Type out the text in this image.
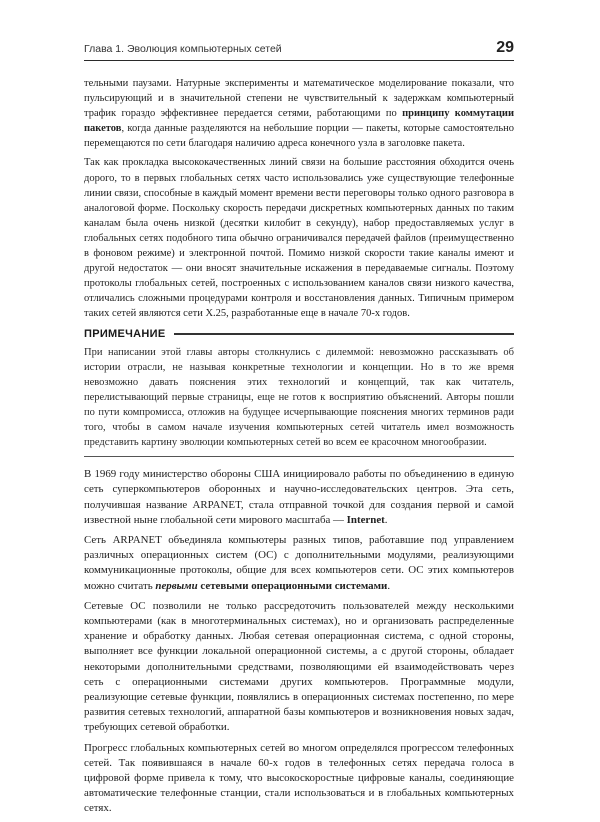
Глава 1. Эволюция компьютерных сетей	29

тельными паузами. Натурные эксперименты и математическое моделирование показали, что пульсирующий и в значительной степени не чувствительный к задержкам компьютерный трафик гораздо эффективнее передается сетями, работающими по принципу коммутации пакетов, когда данные разделяются на небольшие порции — пакеты, которые самостоятельно перемещаются по сети благодаря наличию адреса конечного узла в заголовке пакета.

Так как прокладка высококачественных линий связи на большие расстояния обходится очень дорого, то в первых глобальных сетях часто использовались уже существующие телефонные линии связи, способные в каждый момент времени вести переговоры только одного разговора в аналоговой форме. Поскольку скорость передачи дискретных компьютерных данных по таким каналам была очень низкой (десятки килобит в секунду), набор предоставляемых услуг в глобальных сетях подобного типа обычно ограничивался передачей файлов (преимущественно в фоновом режиме) и электронной почтой. Помимо низкой скорости такие каналы имеют и другой недостаток — они вносят значительные искажения в передаваемые сигналы. Поэтому протоколы глобальных сетей, построенных с использованием каналов связи низкого качества, отличались сложными процедурами контроля и восстановления данных. Типичным примером таких сетей являются сети X.25, разработанные еще в начале 70-х годов.

ПРИМЕЧАНИЕ

При написании этой главы авторы столкнулись с дилеммой: невозможно рассказывать об истории отрасли, не называя конкретные технологии и концепции. Но в то же время невозможно давать пояснения этих технологий и концепций, так как читатель, перелистывающий первые страницы, еще не готов к восприятию объяснений. Авторы пошли по пути компромисса, отложив на будущее исчерпывающие пояснения многих терминов ради того, чтобы в самом начале изучения компьютерных сетей читатель имел возможность представить картину эволюции компьютерных сетей во всем ее красочном многообразии.

В 1969 году министерство обороны США инициировало работы по объединению в единую сеть суперкомпьютеров оборонных и научно-исследовательских центров. Эта сеть, получившая название ARPANET, стала отправной точкой для создания первой и самой известной ныне глобальной сети мирового масштаба — Internet.

Сеть ARPANET объединяла компьютеры разных типов, работавшие под управлением различных операционных систем (ОС) с дополнительными модулями, реализующими коммуникационные протоколы, общие для всех компьютеров сети. ОС этих компьютеров можно считать первыми сетевыми операционными системами.

Сетевые ОС позволили не только рассредоточить пользователей между несколькими компьютерами (как в многотерминальных системах), но и организовать распределенные хранение и обработку данных. Любая сетевая операционная система, с одной стороны, выполняет все функции локальной операционной системы, а с другой стороны, обладает некоторыми дополнительными средствами, позволяющими ей взаимодействовать через сеть с операционными системами других компьютеров. Программные модули, реализующие сетевые функции, появлялись в операционных системах постепенно, по мере развития сетевых технологий, аппаратной базы компьютеров и возникновения новых задач, требующих сетевой обработки.

Прогресс глобальных компьютерных сетей во многом определялся прогрессом телефонных сетей. Так появившаяся в начале 60-х годов в телефонных сетях передача голоса в цифровой форме привела к тому, что высокоскоростные цифровые каналы, соединяющие автоматические телефонные станции, стали использоваться и в глобальных компьютерных сетях.
